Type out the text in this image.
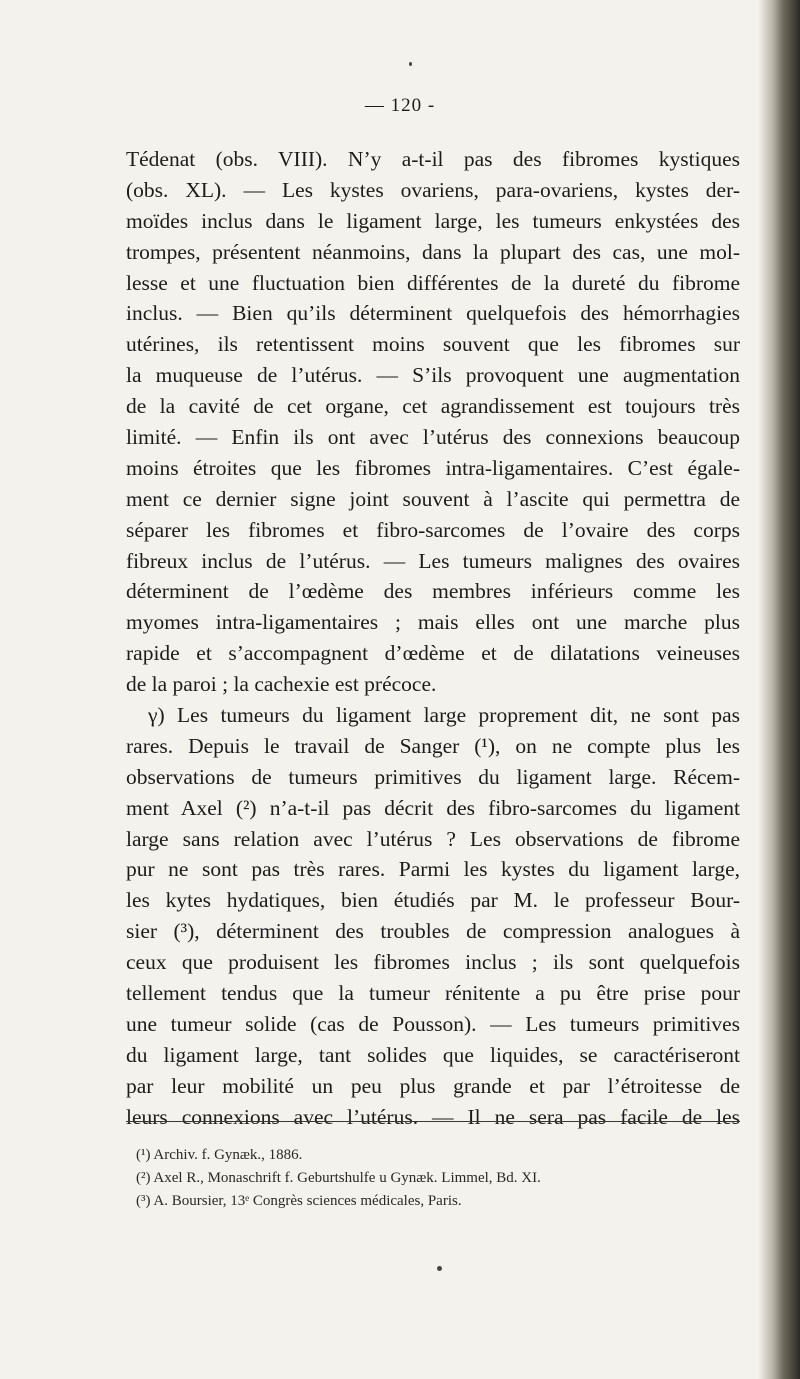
— 120 -
Tédenat (obs. VIII). N’y a-t-il pas des fibromes kystiques
(obs. XL). — Les kystes ovariens, para-ovariens, kystes der-
moïdes inclus dans le ligament large, les tumeurs enkystées des
trompes, présentent néanmoins, dans la plupart des cas, une mol-
lesse et une fluctuation bien différentes de la dureté du fibrome
inclus. — Bien qu’ils déterminent quelquefois des hémorrhagies
utérines, ils retentissent moins souvent que les fibromes sur
la muqueuse de l’utérus. — S’ils provoquent une augmentation
de la cavité de cet organe, cet agrandissement est toujours très
limité. — Enfin ils ont avec l’utérus des connexions beaucoup
moins étroites que les fibromes intra-ligamentaires. C’est égale-
ment ce dernier signe joint souvent à l’ascite qui permettra de
séparer les fibromes et fibro-sarcomes de l’ovaire des corps
fibreux inclus de l’utérus. — Les tumeurs malignes des ovaires
déterminent de l’œdème des membres inférieurs comme les
myomes intra-ligamentaires ; mais elles ont une marche plus
rapide et s’accompagnent d’œdème et de dilatations veineuses
de la paroi ; la cachexie est précoce.
γ) Les tumeurs du ligament large proprement dit, ne sont pas
rares. Depuis le travail de Sanger (¹), on ne compte plus les
observations de tumeurs primitives du ligament large. Récem-
ment Axel (²) n’a-t-il pas décrit des fibro-sarcomes du ligament
large sans relation avec l’utérus ? Les observations de fibrome
pur ne sont pas très rares. Parmi les kystes du ligament large,
les kytes hydatiques, bien étudiés par M. le professeur Bour-
sier (³), déterminent des troubles de compression analogues à
ceux que produisent les fibromes inclus ; ils sont quelquefois
tellement tendus que la tumeur rénitente a pu être prise pour
une tumeur solide (cas de Pousson). — Les tumeurs primitives
du ligament large, tant solides que liquides, se caractériseront
par leur mobilité un peu plus grande et par l’étroitesse de
leurs connexions avec l’utérus. — Il ne sera pas facile de les
(¹) Archiv. f. Gynæk., 1886.
(²) Axel R., Monaschrift f. Geburtshulfe u Gynæk. Limmel, Bd. XI.
(³) A. Boursier, 13ᵉ Congrès sciences médicales, Paris.
